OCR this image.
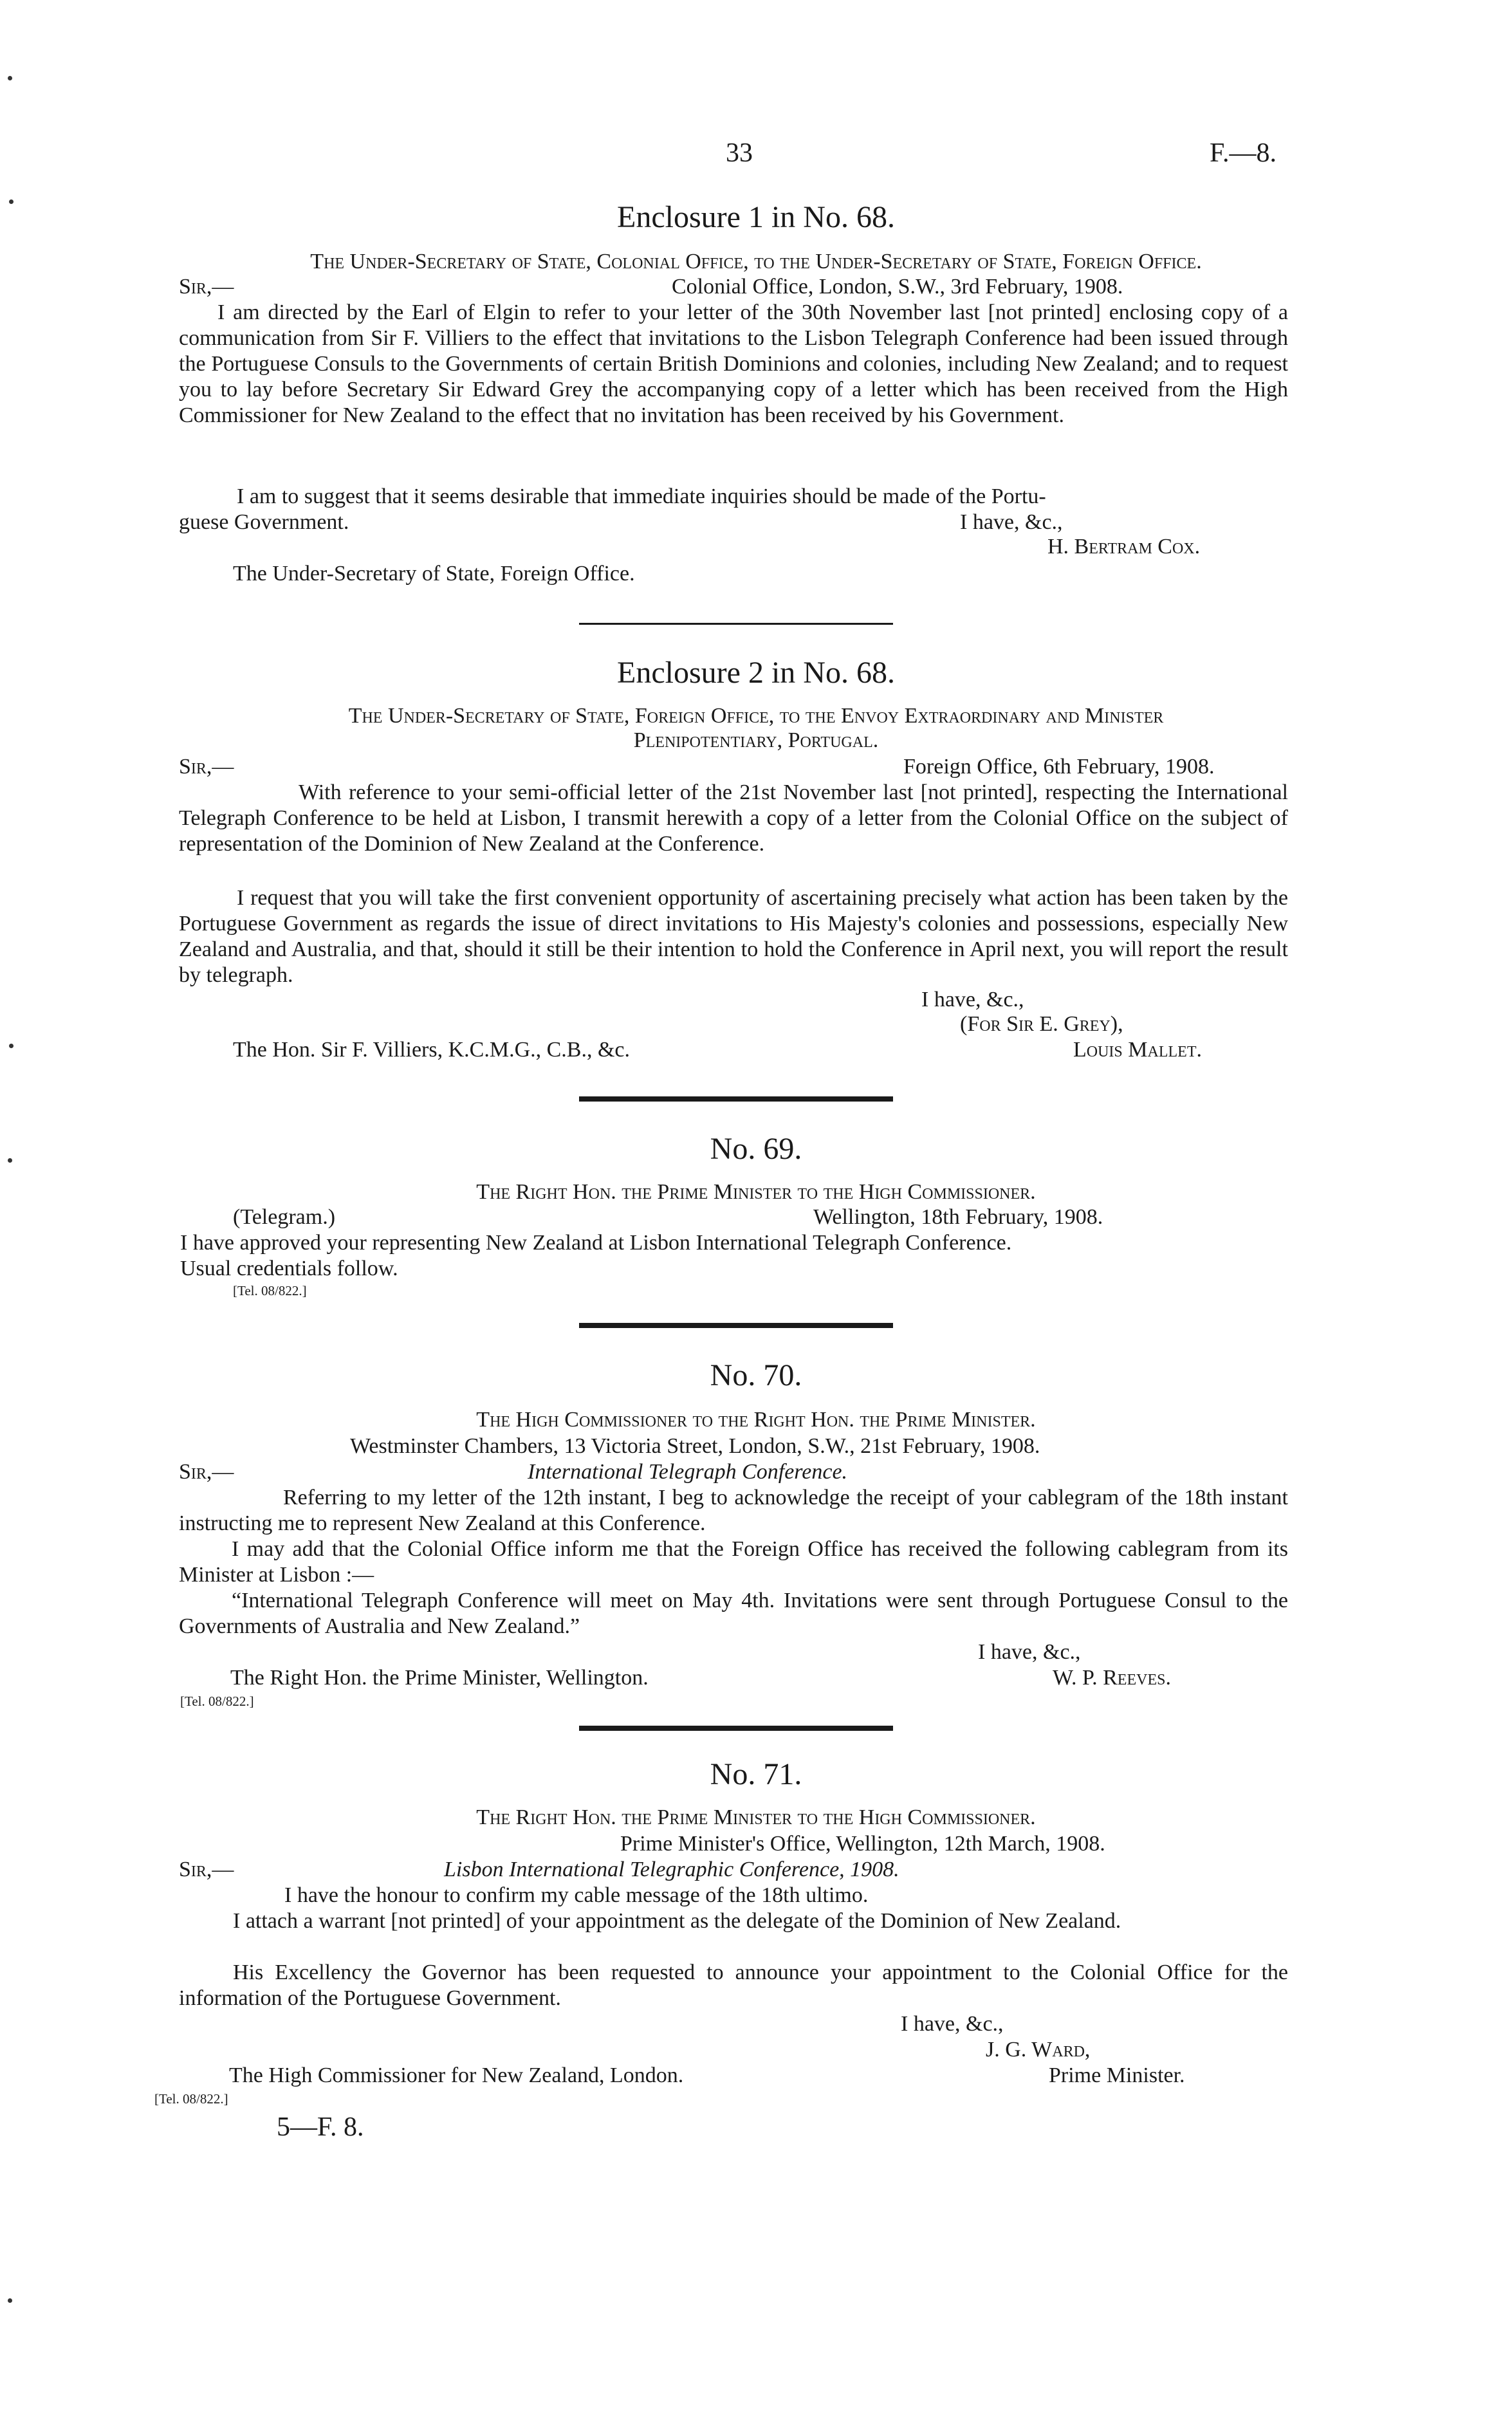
33	F.—8.
Enclosure 1 in No. 68.
The Under-Secretary of State, Colonial Office, to the Under-Secretary of State, Foreign Office.
Sir,—	Colonial Office, London, S.W., 3rd February, 1908.
I am directed by the Earl of Elgin to refer to your letter of the 30th November last [not printed] enclosing copy of a communication from Sir F. Villiers to the effect that invitations to the Lisbon Telegraph Conference had been issued through the Portuguese Consuls to the Governments of certain British Dominions and colonies, including New Zealand; and to request you to lay before Secretary Sir Edward Grey the accompanying copy of a letter which has been received from the High Commissioner for New Zealand to the effect that no invitation has been received by his Government.
I am to suggest that it seems desirable that immediate inquiries should be made of the Portu-
guese Government.	I have, &c.,
H. Bertram Cox.
The Under-Secretary of State, Foreign Office.
Enclosure 2 in No. 68.
The Under-Secretary of State, Foreign Office, to the Envoy Extraordinary and Minister
Plenipotentiary, Portugal.
Sir,—	Foreign Office, 6th February, 1908.
With reference to your semi-official letter of the 21st November last [not printed], respecting the International Telegraph Conference to be held at Lisbon, I transmit herewith a copy of a letter from the Colonial Office on the subject of representation of the Dominion of New Zealand at the Conference.
I request that you will take the first convenient opportunity of ascertaining precisely what action has been taken by the Portuguese Government as regards the issue of direct invitations to His Majesty's colonies and possessions, especially New Zealand and Australia, and that, should it still be their intention to hold the Conference in April next, you will report the result by telegraph.
I have, &c.,
(For Sir E. Grey),
The Hon. Sir F. Villiers, K.C.M.G., C.B., &c.	Louis Mallet.
No. 69.
The Right Hon. the Prime Minister to the High Commissioner.
(Telegram.)	Wellington, 18th February, 1908.
I have approved your representing New Zealand at Lisbon International Telegraph Conference.
Usual credentials follow.
[Tel. 08/822.]
No. 70.
The High Commissioner to the Right Hon. the Prime Minister.
Westminster Chambers, 13 Victoria Street, London, S.W., 21st February, 1908.
Sir,—	International Telegraph Conference.
Referring to my letter of the 12th instant, I beg to acknowledge the receipt of your cablegram of the 18th instant instructing me to represent New Zealand at this Conference.
I may add that the Colonial Office inform me that the Foreign Office has received the following cablegram from its Minister at Lisbon :—
“International Telegraph Conference will meet on May 4th. Invitations were sent through Portuguese Consul to the Governments of Australia and New Zealand.”
I have, &c.,
The Right Hon. the Prime Minister, Wellington.	W. P. Reeves.
[Tel. 08/822.]
No. 71.
The Right Hon. the Prime Minister to the High Commissioner.
Prime Minister's Office, Wellington, 12th March, 1908.
Sir,—	Lisbon International Telegraphic Conference, 1908.
I have the honour to confirm my cable message of the 18th ultimo.
I attach a warrant [not printed] of your appointment as the delegate of the Dominion of New Zealand.
His Excellency the Governor has been requested to announce your appointment to the Colonial Office for the information of the Portuguese Government.
I have, &c.,
J. G. Ward,
The High Commissioner for New Zealand, London.	Prime Minister.
[Tel. 08/822.]
5—F. 8.
